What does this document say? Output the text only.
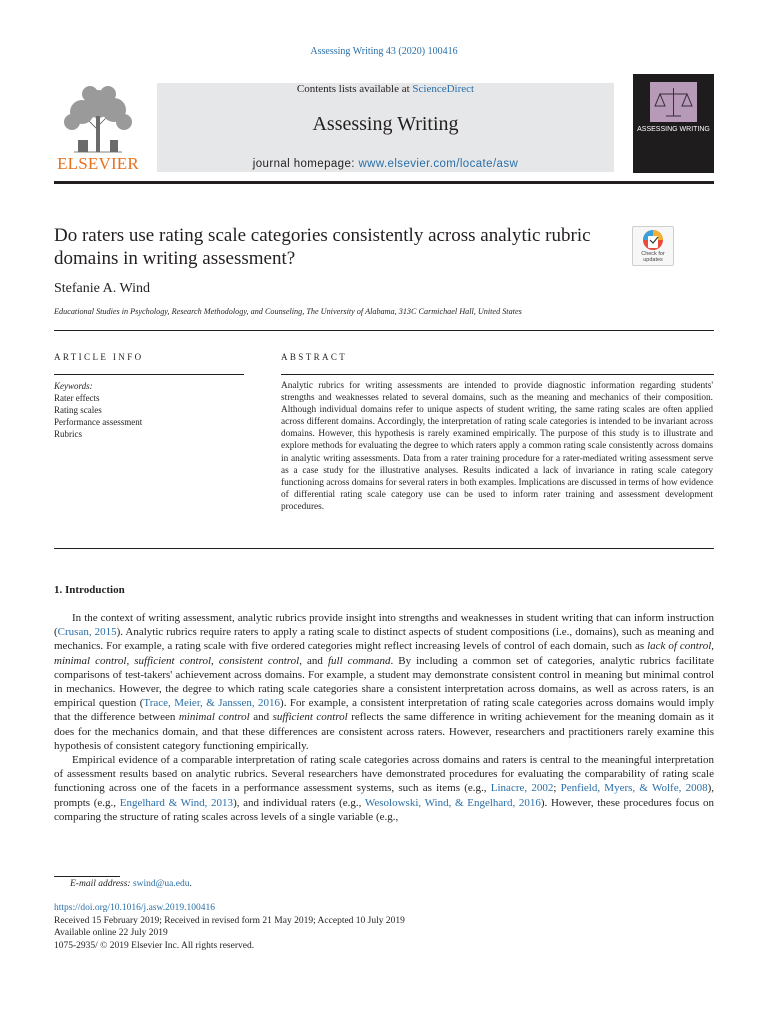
Assessing Writing 43 (2020) 100416
ELSEVIER
Contents lists available at ScienceDirect
Assessing Writing
journal homepage: www.elsevier.com/locate/asw
ASSESSING WRITING
Do raters use rating scale categories consistently across analytic rubric domains in writing assessment?	Check for updates
Stefanie A. Wind
Educational Studies in Psychology, Research Methodology, and Counseling, The University of Alabama, 313C Carmichael Hall, United States
ARTICLE INFO	ABSTRACT
Keywords:
Rater effects
Rating scales
Performance assessment
Rubrics
Analytic rubrics for writing assessments are intended to provide diagnostic information regarding students' strengths and weaknesses related to several domains, such as the meaning and mechanics of their composition. Although individual domains refer to unique aspects of student writing, the same rating scales are often applied across different domains. Accordingly, the interpretation of rating scale categories is intended to be invariant across domains. However, this hypothesis is rarely examined empirically. The purpose of this study is to illustrate and explore methods for evaluating the degree to which raters apply a common rating scale consistently across domains in analytic writing assessments. Data from a rater training procedure for a rater-mediated writing assessment serve as a case study for the illustrative analyses. Results indicated a lack of invariance in rating scale category functioning across domains for several raters in both examples. Implications are discussed in terms of how evidence of differential rating scale category use can be used to inform rater training and assessment development procedures.
1. Introduction

In the context of writing assessment, analytic rubrics provide insight into strengths and weaknesses in student writing that can inform instruction (Crusan, 2015). Analytic rubrics require raters to apply a rating scale to distinct aspects of student compositions (i.e., domains), such as meaning and mechanics. For example, a rating scale with five ordered categories might reflect increasing levels of control of each domain, such as lack of control, minimal control, sufficient control, consistent control, and full command. By including a common set of categories, analytic rubrics facilitate comparisons of test-takers' achievement across domains. For example, a student may demonstrate consistent control in meaning but minimal control in mechanics. However, the degree to which rating scale categories share a consistent interpretation across domains, as well as across raters, is an empirical question (Trace, Meier, & Janssen, 2016). For example, a consistent interpretation of rating scale categories across domains would imply that the difference between minimal control and sufficient control reflects the same difference in writing achievement for the meaning domain as it does for the mechanics domain, and that these differences are consistent across raters. However, researchers and practitioners rarely examine this hypothesis of consistent category functioning empirically.

Empirical evidence of a comparable interpretation of rating scale categories across domains and raters is central to the meaningful interpretation of assessment results based on analytic rubrics. Several researchers have demonstrated procedures for evaluating the comparability of rating scale functioning across one of the facets in a performance assessment systems, such as items (e.g., Linacre, 2002; Penfield, Myers, & Wolfe, 2008), prompts (e.g., Engelhard & Wind, 2013), and individual raters (e.g., Wesolowski, Wind, & Engelhard, 2016). However, these procedures focus on comparing the structure of rating scales across levels of a single variable (e.g.,

E-mail address: swind@ua.edu.
https://doi.org/10.1016/j.asw.2019.100416
Received 15 February 2019; Received in revised form 21 May 2019; Accepted 10 July 2019
Available online 22 July 2019
1075-2935/ © 2019 Elsevier Inc. All rights reserved.
